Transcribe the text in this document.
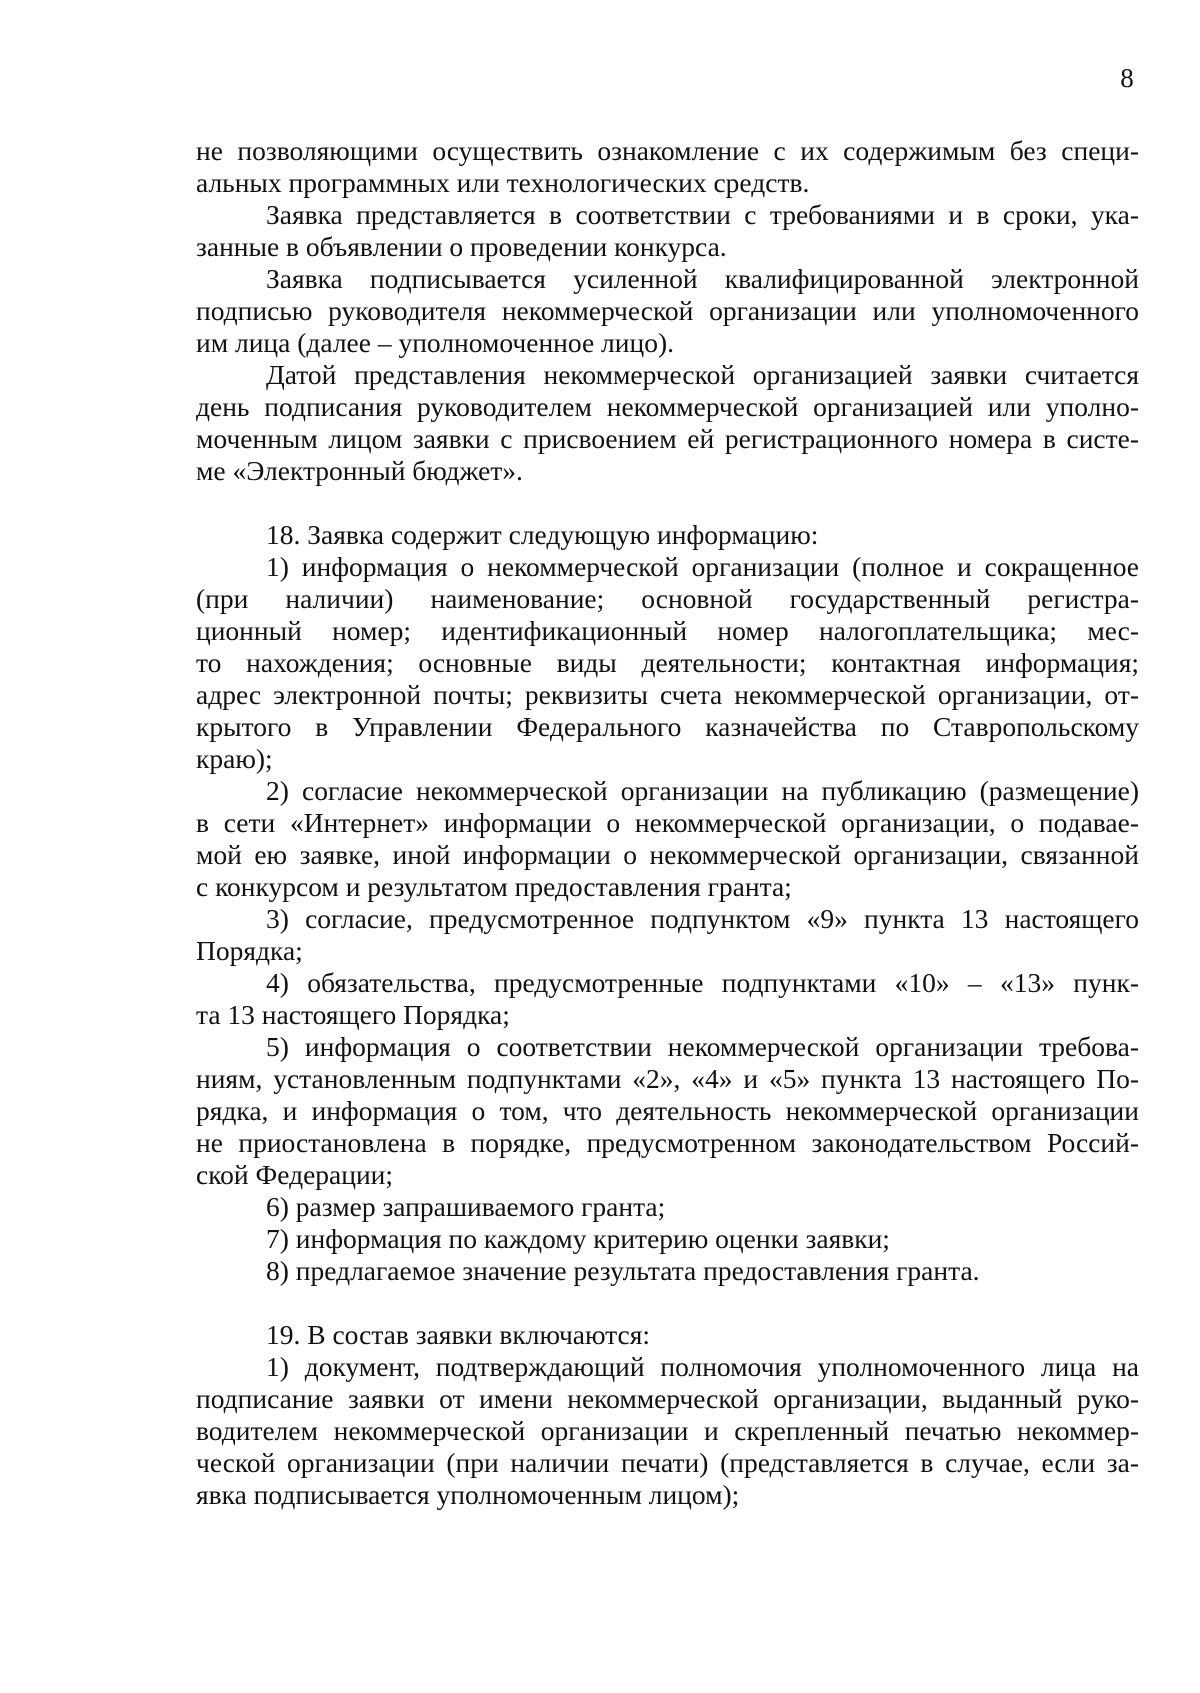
8
не позволяющими осуществить ознакомление с их содержимым без специ-
альных программных или технологических средств.
Заявка представляется в соответствии с требованиями и в сроки, ука-
занные в объявлении о проведении конкурса.
Заявка подписывается усиленной квалифицированной электронной
подписью руководителя некоммерческой организации или уполномоченного
им лица (далее – уполномоченное лицо).
Датой представления некоммерческой организацией заявки считается
день подписания руководителем некоммерческой организацией или уполно-
моченным лицом заявки с присвоением ей регистрационного номера в систе-
ме «Электронный бюджет».
18. Заявка содержит следующую информацию:
1) информация о некоммерческой организации (полное и сокращенное
(при наличии) наименование; основной государственный регистра-
ционный номер; идентификационный номер налогоплательщика; мес-
то нахождения; основные виды деятельности; контактная информация;
адрес электронной почты; реквизиты счета некоммерческой организации, от-
крытого в Управлении Федерального казначейства по Ставропольскому
краю);
2) согласие некоммерческой организации на публикацию (размещение)
в сети «Интернет» информации о некоммерческой организации, о подавае-
мой ею заявке, иной информации о некоммерческой организации, связанной
с конкурсом и результатом предоставления гранта;
3) согласие, предусмотренное подпунктом «9» пункта 13 настоящего
Порядка;
4) обязательства, предусмотренные подпунктами «10» – «13» пунк-
та 13 настоящего Порядка;
5) информация о соответствии некоммерческой организации требова-
ниям, установленным подпунктами «2», «4» и «5» пункта 13 настоящего По-
рядка, и информация о том, что деятельность некоммерческой организации
не приостановлена в порядке, предусмотренном законодательством Россий-
ской Федерации;
6) размер запрашиваемого гранта;
7) информация по каждому критерию оценки заявки;
8) предлагаемое значение результата предоставления гранта.
19. В состав заявки включаются:
1) документ, подтверждающий полномочия уполномоченного лица на
подписание заявки от имени некоммерческой организации, выданный руко-
водителем некоммерческой организации и скрепленный печатью некоммер-
ческой организации (при наличии печати) (представляется в случае, если за-
явка подписывается уполномоченным лицом);
